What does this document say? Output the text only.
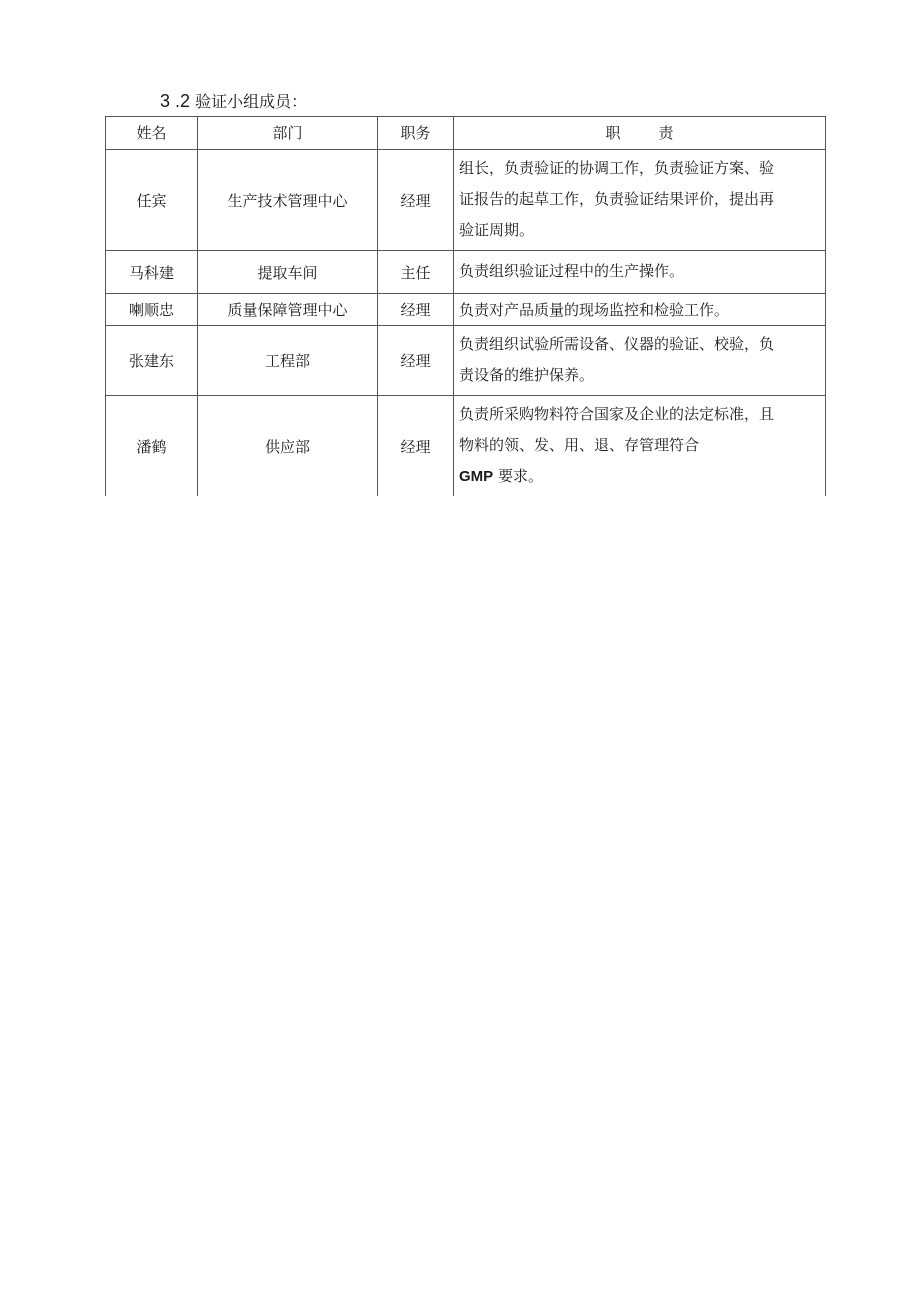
3 .2 验证小组成员：
姓名	部门	职务	职 责
任宾	生产技术管理中心	经理	组长，负责验证的协调工作，负责验证方案、验
证报告的起草工作，负责验证结果评价，提出再
验证周期。

马科建	提取车间	主任	负责组织验证过程中的生产操作。

喇顺忠	质量保障管理中心	经理	负责对产品质量的现场监控和检验工作。

张建东	工程部	经理	负责组织试验所需设备、仪器的验证、校验，负
责设备的维护保养。

潘鹤	供应部	经理	负责所采购物料符合国家及企业的法定标准，且
物料的领、发、用、退、存管理符合
GMP 要求。
